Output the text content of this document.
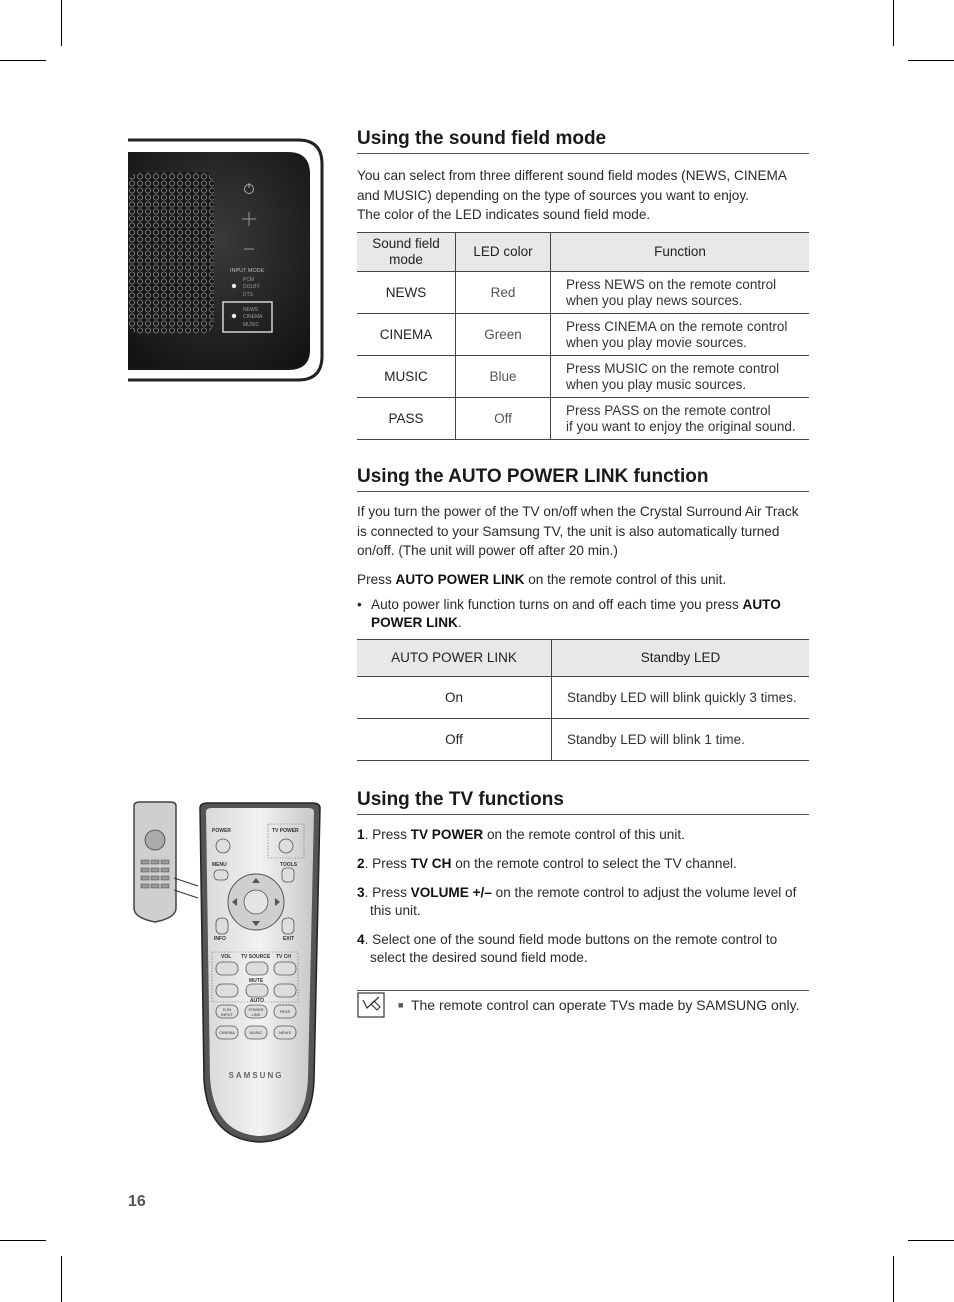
INPUT MODE
PCM
DOLBY
DTS
NEWS
CINEMA
MUSIC
Using the sound field mode
You can select from three different sound field modes (NEWS, CINEMA and MUSIC) depending on the type of sources you want to enjoy.
The color of the LED indicates sound field mode.
Sound field mode	LED color	Function
NEWS	Red	Press NEWS on the remote control
when you play news sources.
CINEMA	Green	Press CINEMA on the remote control
when you play movie sources.
MUSIC	Blue	Press MUSIC on the remote control
when you play music sources.
PASS	Off	Press PASS on the remote control
if you want to enjoy the original sound.
Using the AUTO POWER LINK function
If you turn the power of the TV on/off when the Crystal Surround Air Track is connected to your Samsung TV, the unit is also automatically turned on/off. (The unit will power off after 20 min.)
Press AUTO POWER LINK on the remote control of this unit.
• Auto power link function turns on and off each time you press AUTO POWER LINK.
AUTO POWER LINK	Standby LED
On	Standby LED will blink quickly 3 times.
Off	Standby LED will blink 1 time.
Using the TV functions
1. Press TV POWER on the remote control of this unit.
2. Press TV CH on the remote control to select the TV channel.
3. Press VOLUME +/– on the remote control to adjust the volume level of this unit.
4. Select one of the sound field mode buttons on the remote control to select the desired sound field mode.
■ The remote control can operate TVs made by SAMSUNG only.
POWER	TV POWER
MENU	TOOLS
INFO	EXIT
VOL TV SOURCE TV CH
MUTE
AUTO
D.IN
INPUT
POWER
LINK
PASS
CINEMA	MUSIC	NEWS
SAMSUNG
16
